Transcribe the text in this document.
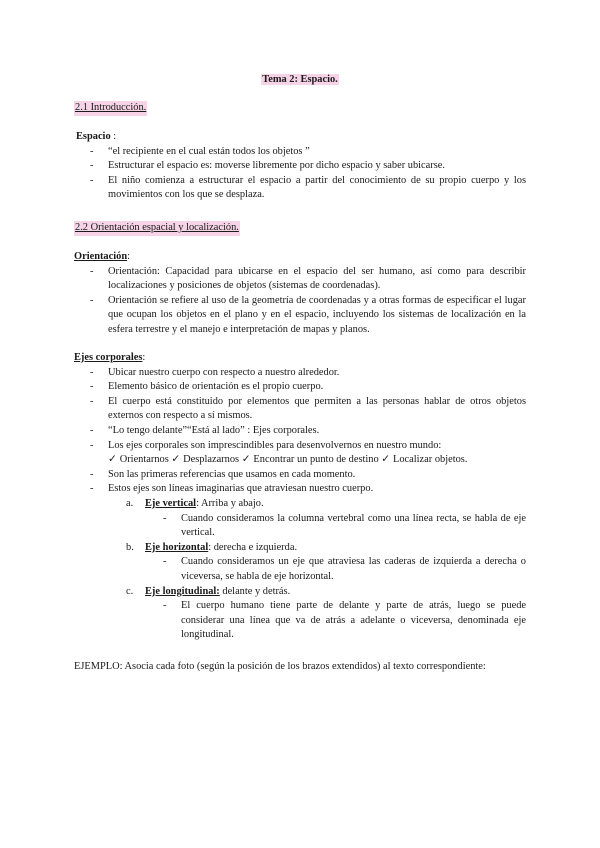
Tema 2: Espacio.
2.1 Introducción.

Espacio :

- “el recipiente en el cual están todos los objetos ”
- Estructurar el espacio es: moverse libremente por dicho espacio y saber ubicarse.
- El niño comienza a estructurar el espacio a partir del conocimiento de su propio cuerpo y los movimientos con los que se desplaza.
2.2 Orientación espacial y localización.

Orientación:

- Orientación: Capacidad para ubicarse en el espacio del ser humano, así como para describir localizaciones y posiciones de objetos (sistemas de coordenadas).
- Orientación se refiere al uso de la geometría de coordenadas y a otras formas de especificar el lugar que ocupan los objetos en el plano y en el espacio, incluyendo los sistemas de localización en la esfera terrestre y el manejo e interpretación de mapas y planos.

Ejes corporales:

- Ubicar nuestro cuerpo con respecto a nuestro alrededor.
- Elemento básico de orientación es el propio cuerpo.
- El cuerpo está constituido por elementos que permiten a las personas hablar de otros objetos externos con respecto a sí mismos.
- “Lo tengo delante”“Está al lado” : Ejes corporales.
- Los ejes corporales son imprescindibles para desenvolvernos en nuestro mundo:
✓ Orientarnos ✓ Desplazarnos ✓ Encontrar un punto de destino ✓ Localizar objetos.
- Son las primeras referencias que usamos en cada momento.
- Estos ejes son líneas imaginarias que atraviesan nuestro cuerpo.
a. Eje vertical: Arriba y abajo.
- Cuando consideramos la columna vertebral como una línea recta, se habla de eje vertical.
b. Eje horizontal: derecha e izquierda.
- Cuando consideramos un eje que atraviesa las caderas de izquierda a derecha o viceversa, se habla de eje horizontal.
c. Eje longitudinal: delante y detrás.
- El cuerpo humano tiene parte de delante y parte de atrás, luego se puede considerar una línea que va de atrás a adelante o viceversa, denominada eje longitudinal.
EJEMPLO: Asocia cada foto (según la posición de los brazos extendidos) al texto correspondiente:
